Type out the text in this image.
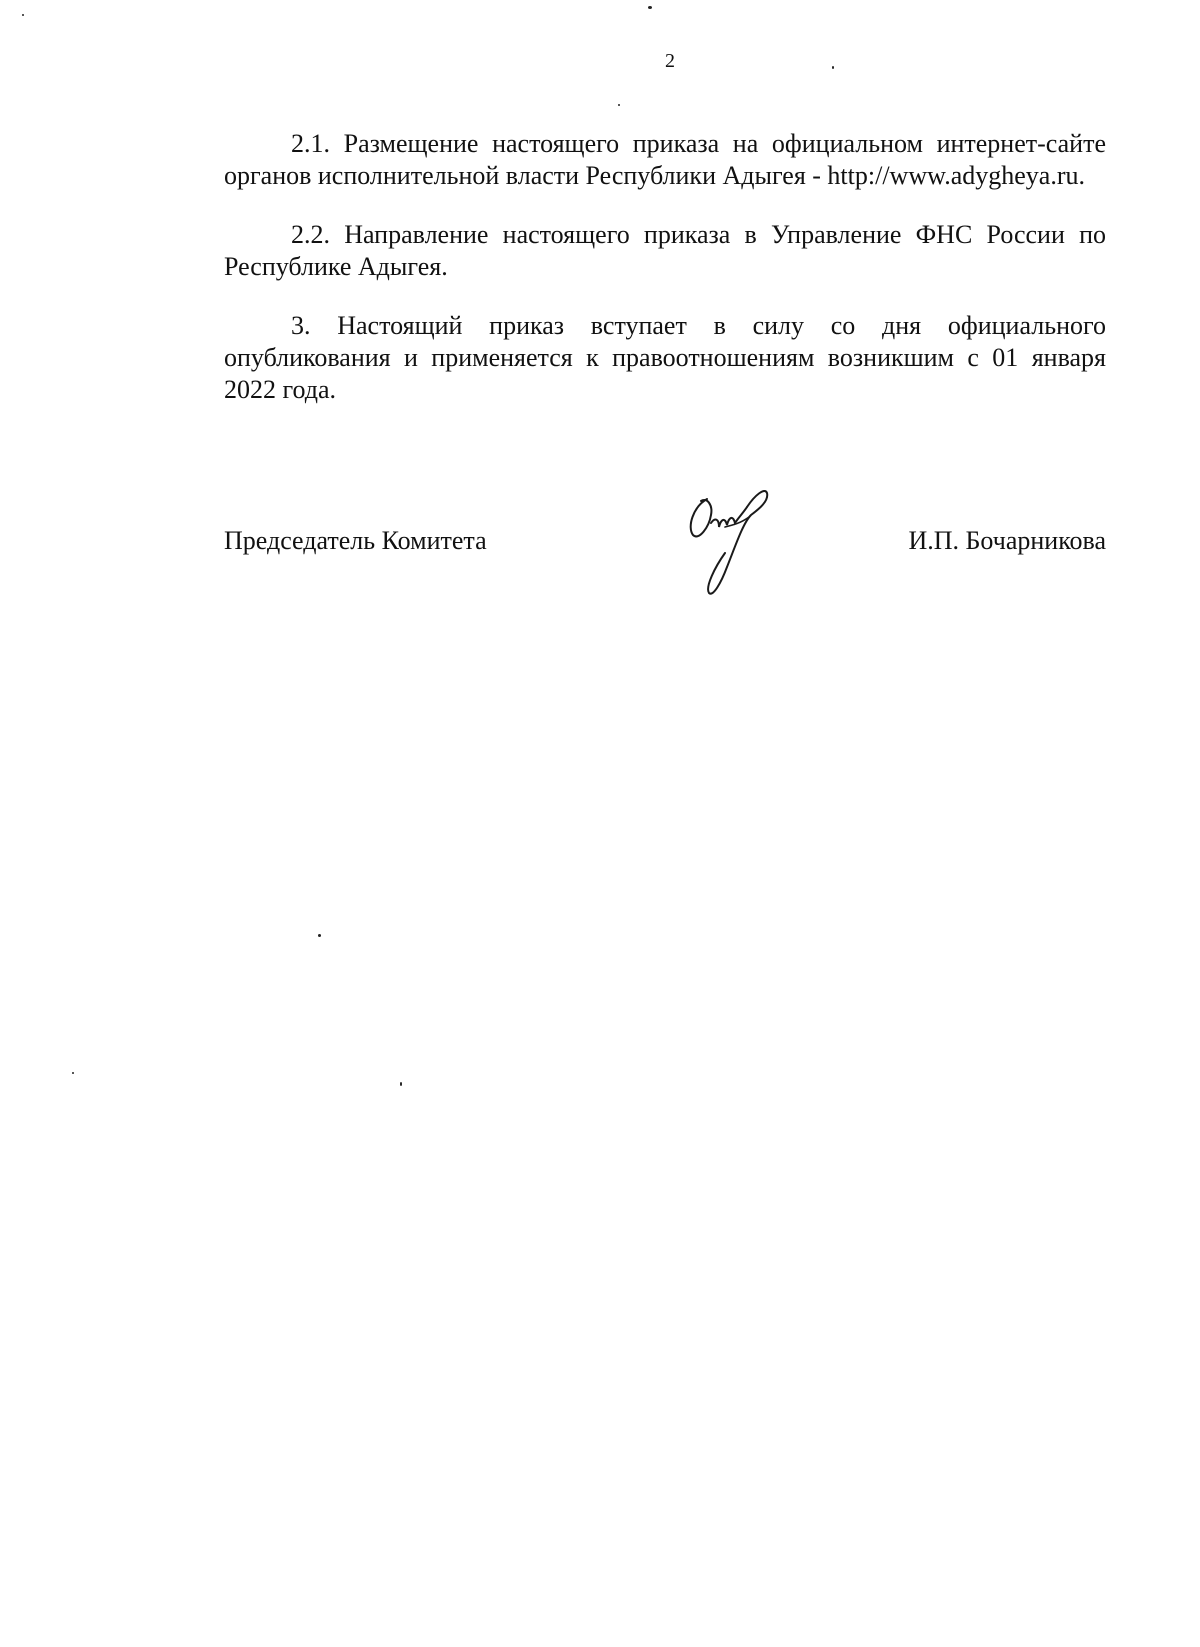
2

2.1. Размещение настоящего приказа на официальном интернет-сайте органов исполнительной власти Республики Адыгея - http://www.adygheya.ru.

2.2. Направление настоящего приказа в Управление ФНС России по Республике Адыгея.

3. Настоящий приказ вступает в силу со дня официального опубликования и применяется к правоотношениям возникшим с 01 января 2022 года.

Председатель Комитета	И.П. Бочарникова
